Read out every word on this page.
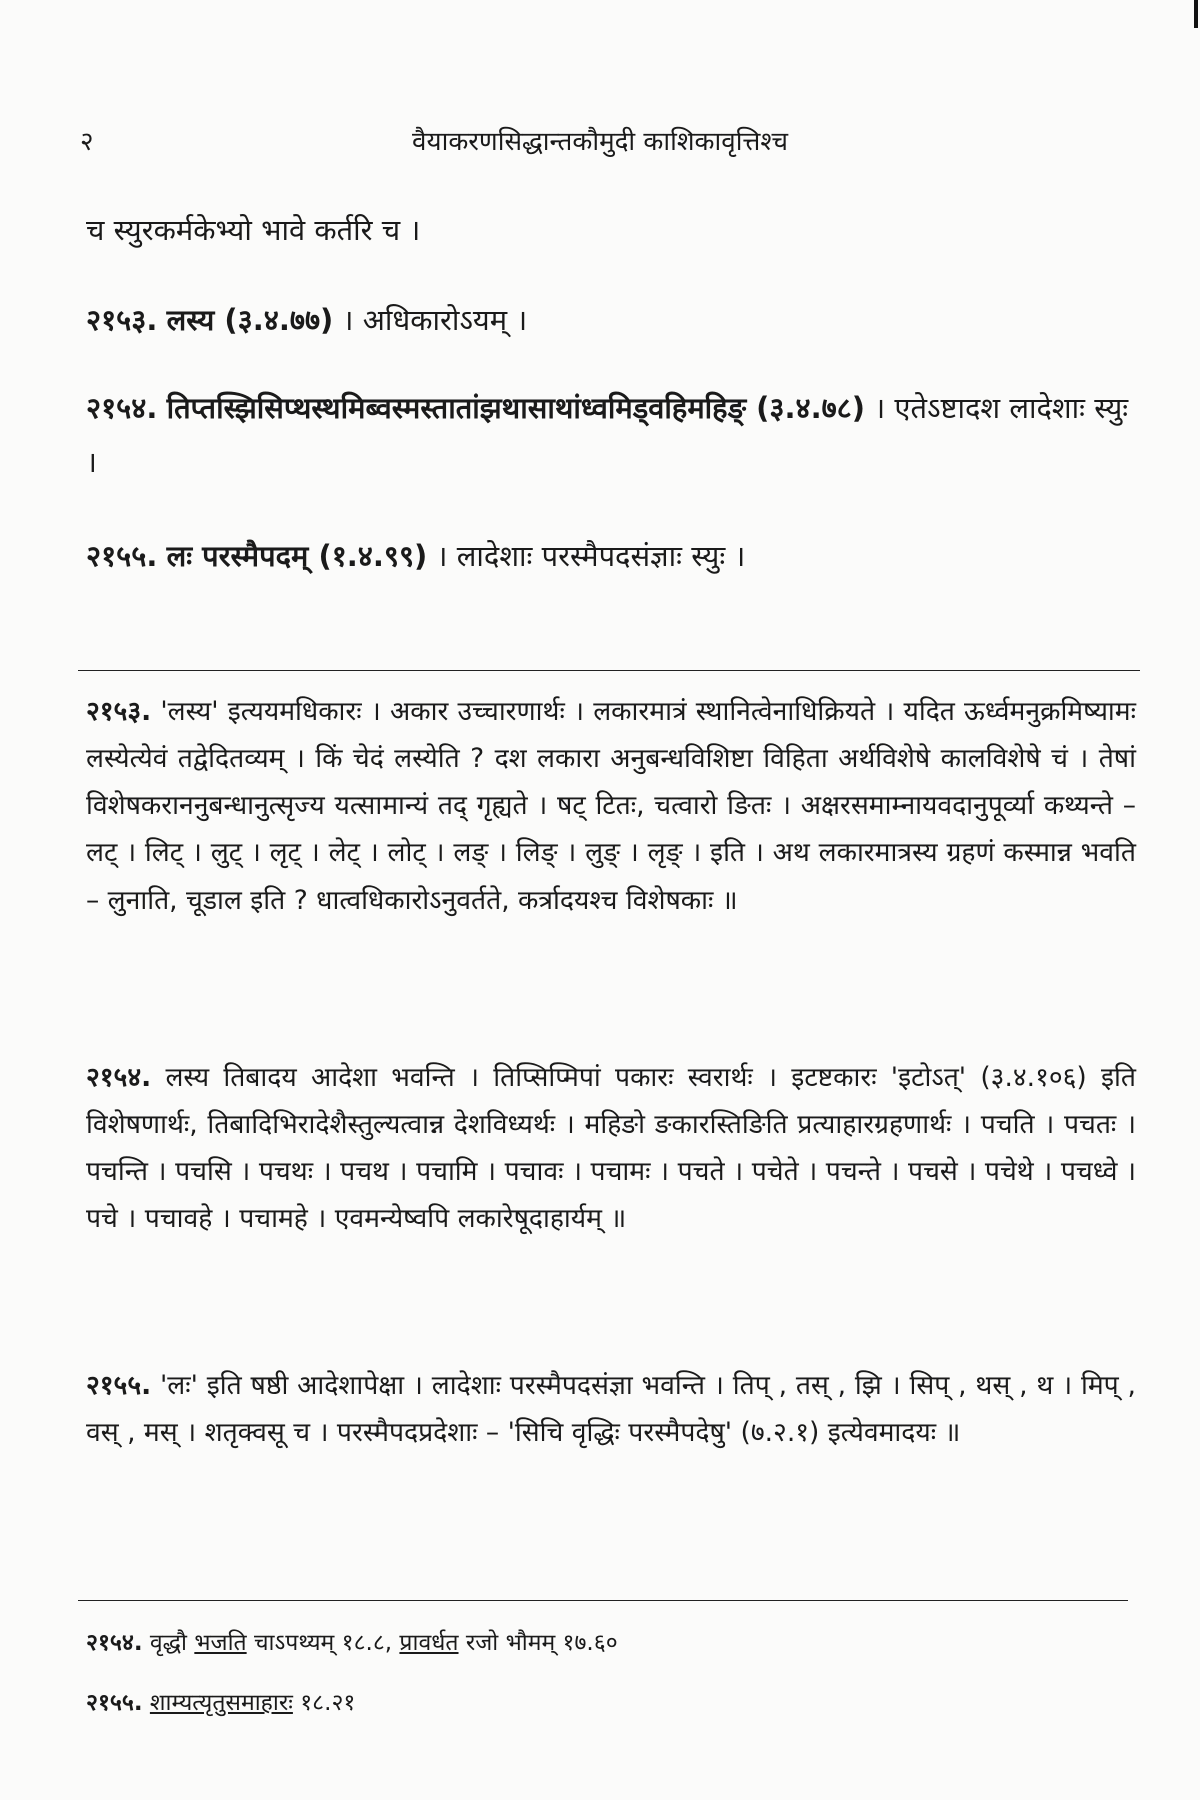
२	वैयाकरणसिद्धान्तकौमुदी काशिकावृत्तिश्च
च स्युरकर्मकेभ्यो भावे कर्तरि च ।
२१५३. लस्य (३.४.७७) । अधिकारोऽयम् ।
२१५४. तिप्तस्झिसिप्थस्थमिब्वस्मस्तातांझथासाथांध्वमिड्वहिमहिङ् (३.४.७८) । एतेऽष्टादश लादेशाः स्युः ।
२१५५. लः परस्मैपदम् (१.४.९९) । लादेशाः परस्मैपदसंज्ञाः स्युः ।
२१५३. 'लस्य' इत्ययमधिकारः । अकार उच्चारणार्थः । लकारमात्रं स्थानित्वेनाधिक्रियते । यदित ऊर्ध्वमनुक्रमिष्यामः लस्येत्येवं तद्वेदितव्यम् । किं चेदं लस्येति ? दश लकारा अनुबन्धविशिष्टा विहिता अर्थविशेषे कालविशेषे चं । तेषां विशेषकराननुबन्धानुत्सृज्य यत्सामान्यं तद् गृह्यते । षट् टितः, चत्वारो ङितः । अक्षरसमाम्नायवदानुपूर्व्या कथ्यन्ते – लट् । लिट् । लुट् । लृट् । लेट् । लोट् । लङ् । लिङ् । लुङ् । लृङ् । इति । अथ लकारमात्रस्य ग्रहणं कस्मान्न भवति – लुनाति, चूडाल इति ? धात्वधिकारोऽनुवर्तते, कर्त्रादयश्च विशेषकाः ॥
२१५४. लस्य तिबादय आदेशा भवन्ति । तिप्सिप्मिपां पकारः स्वरार्थः । इटष्टकारः 'इटोऽत्' (३.४.१०६) इति विशेषणार्थः, तिबादिभिरादेशैस्तुल्यत्वान्न देशविध्यर्थः । महिङो ङकारस्तिङिति प्रत्याहारग्रहणार्थः । पचति । पचतः । पचन्ति । पचसि । पचथः । पचथ । पचामि । पचावः । पचामः । पचते । पचेते । पचन्ते । पचसे । पचेथे । पचध्वे । पचे । पचावहे । पचामहे । एवमन्येष्वपि लकारेषूदाहार्यम् ॥
२१५५. 'लः' इति षष्ठी आदेशापेक्षा । लादेशाः परस्मैपदसंज्ञा भवन्ति । तिप् , तस् , झि । सिप् , थस् , थ । मिप् , वस् , मस् । शतृक्वसू च । परस्मैपदप्रदेशाः – 'सिचि वृद्धिः परस्मैपदेषु' (७.२.१) इत्येवमादयः ॥
२१५४. वृद्धौ भजति चाऽपथ्यम् १८.८, प्रावर्धत रजो भौमम् १७.६०
२१५५. शाम्यत्यृतुसमाहारः १८.२१
